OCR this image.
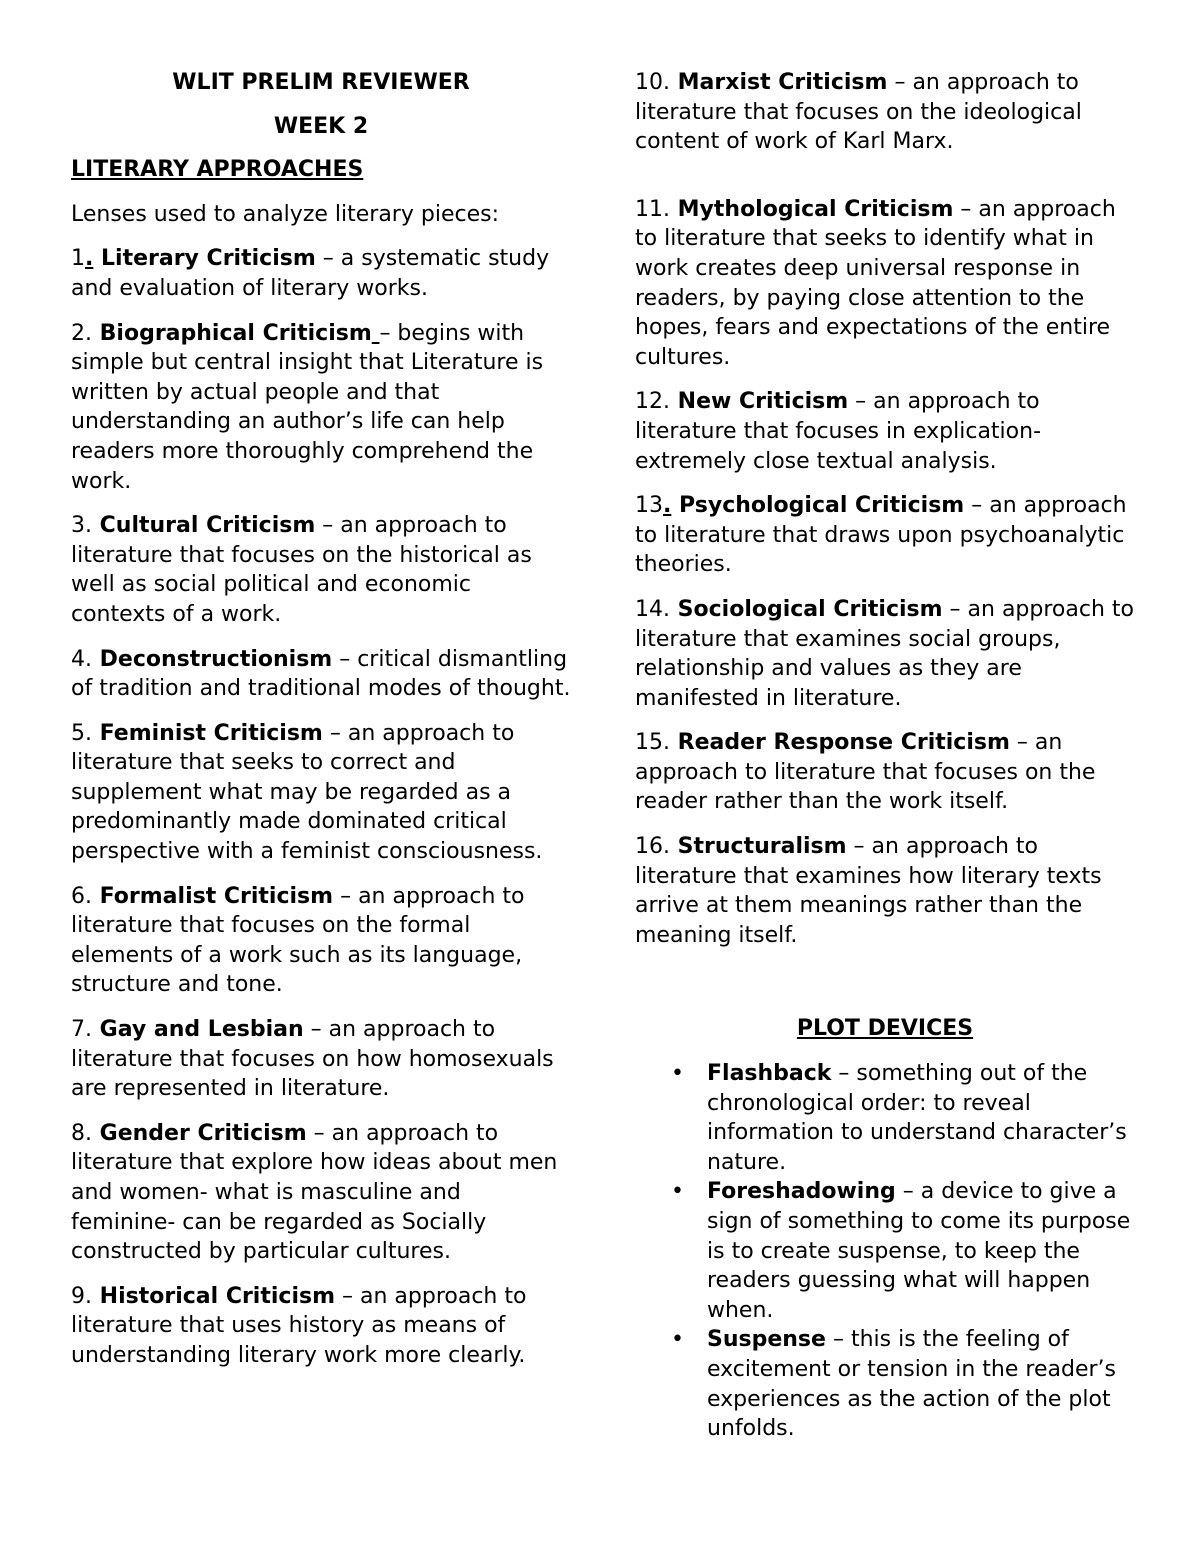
WLIT PRELIM REVIEWER
WEEK 2
LITERARY APPROACHES

Lenses used to analyze literary pieces:

1. Literary Criticism – a systematic study and evaluation of literary works.

2. Biographical Criticism – begins with simple but central insight that Literature is written by actual people and that understanding an author’s life can help readers more thoroughly comprehend the work.

3. Cultural Criticism – an approach to literature that focuses on the historical as well as social political and economic contexts of a work.

4. Deconstructionism – critical dismantling of tradition and traditional modes of thought.

5. Feminist Criticism – an approach to literature that seeks to correct and supplement what may be regarded as a predominantly made dominated critical perspective with a feminist consciousness.

6. Formalist Criticism – an approach to literature that focuses on the formal elements of a work such as its language, structure and tone.

7. Gay and Lesbian – an approach to literature that focuses on how homosexuals are represented in literature.

8. Gender Criticism – an approach to literature that explore how ideas about men and women- what is masculine and feminine- can be regarded as Socially constructed by particular cultures.

9. Historical Criticism – an approach to literature that uses history as means of understanding literary work more clearly.

10. Marxist Criticism – an approach to literature that focuses on the ideological content of work of Karl Marx.

11. Mythological Criticism – an approach to literature that seeks to identify what in work creates deep universal response in readers, by paying close attention to the hopes, fears and expectations of the entire cultures.

12. New Criticism – an approach to literature that focuses in explication- extremely close textual analysis.

13. Psychological Criticism – an approach to literature that draws upon psychoanalytic theories.

14. Sociological Criticism – an approach to literature that examines social groups, relationship and values as they are manifested in literature.

15. Reader Response Criticism – an approach to literature that focuses on the reader rather than the work itself.

16. Structuralism – an approach to literature that examines how literary texts arrive at them meanings rather than the meaning itself.

PLOT DEVICES
• Flashback – something out of the chronological order: to reveal information to understand character’s nature.
• Foreshadowing – a device to give a sign of something to come its purpose is to create suspense, to keep the readers guessing what will happen when.
• Suspense – this is the feeling of excitement or tension in the reader’s experiences as the action of the plot unfolds.
